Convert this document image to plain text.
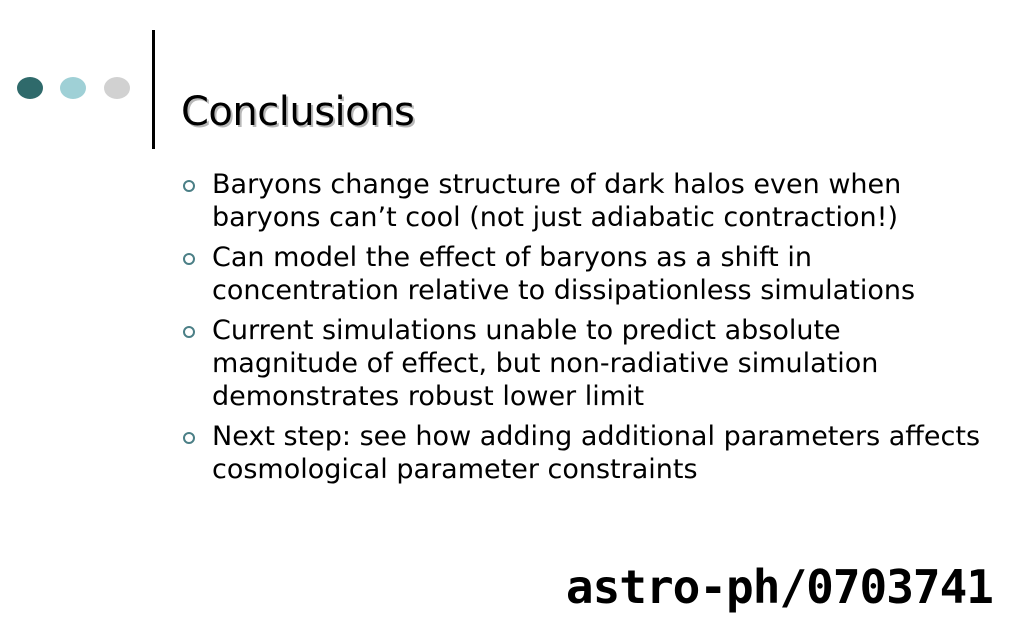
Conclusions
Baryons change structure of dark halos even when baryons can’t cool (not just adiabatic contraction!)
Can model the effect of baryons as a shift in concentration relative to dissipationless simulations
Current simulations unable to predict absolute magnitude of effect, but non-radiative simulation demonstrates robust lower limit
Next step: see how adding additional parameters affects cosmological parameter constraints
astro-ph/0703741
